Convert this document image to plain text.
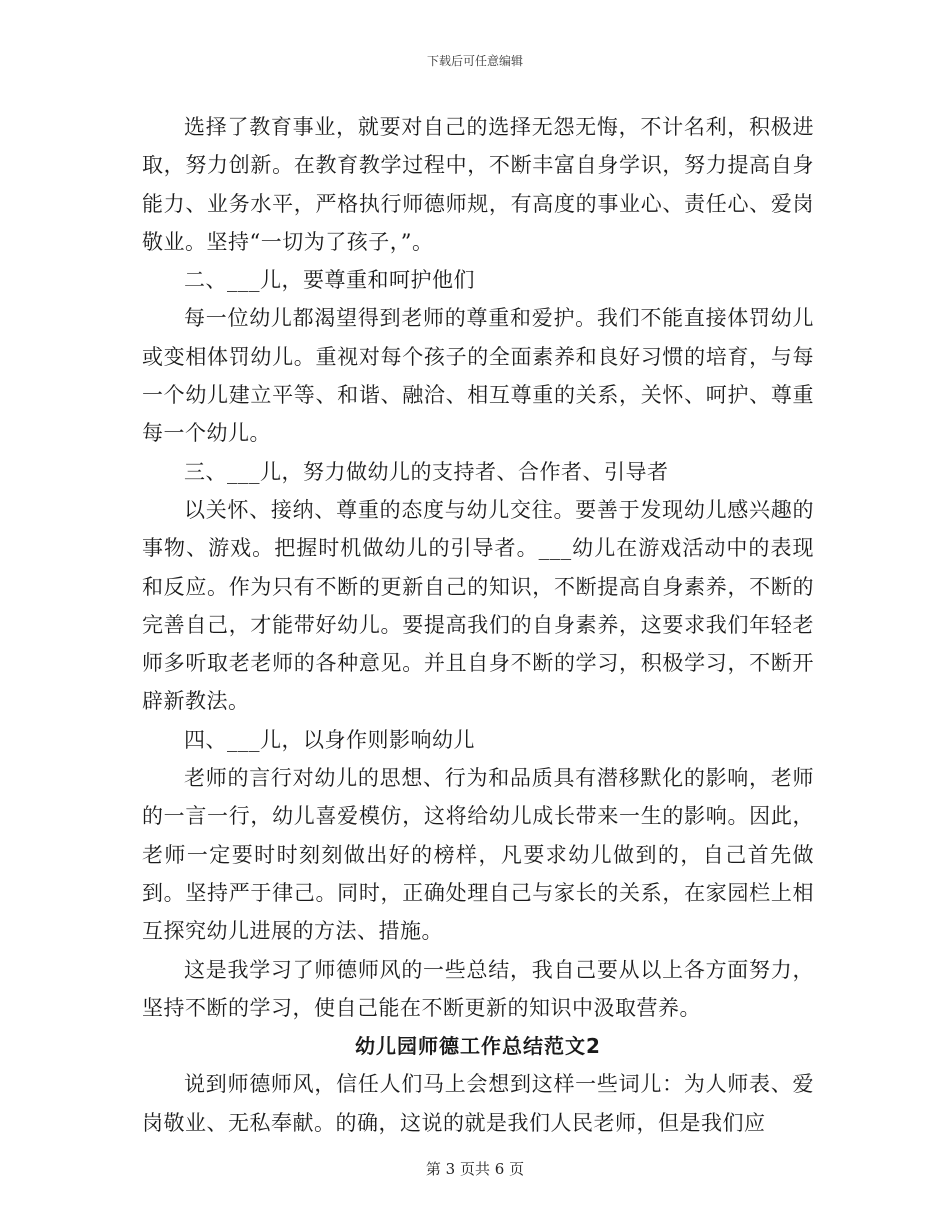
下载后可任意编辑

选择了教育事业，就要对自己的选择无怨无悔，不计名利，积极进取，努力创新。在教育教学过程中，不断丰富自身学识，努力提高自身能力、业务水平，严格执行师德师规，有高度的事业心、责任心、爱岗敬业。坚持“一切为了孩子，”。

二、___儿，要尊重和呵护他们

每一位幼儿都渴望得到老师的尊重和爱护。我们不能直接体罚幼儿或变相体罚幼儿。重视对每个孩子的全面素养和良好习惯的培育，与每一个幼儿建立平等、和谐、融洽、相互尊重的关系，关怀、呵护、尊重每一个幼儿。

三、___儿，努力做幼儿的支持者、合作者、引导者

以关怀、接纳、尊重的态度与幼儿交往。要善于发现幼儿感兴趣的事物、游戏。把握时机做幼儿的引导者。___幼儿在游戏活动中的表现和反应。作为只有不断的更新自己的知识，不断提高自身素养，不断的完善自己，才能带好幼儿。要提高我们的自身素养，这要求我们年轻老师多听取老老师的各种意见。并且自身不断的学习，积极学习，不断开辟新教法。

四、___儿，以身作则影响幼儿

老师的言行对幼儿的思想、行为和品质具有潜移默化的影响，老师的一言一行，幼儿喜爱模仿，这将给幼儿成长带来一生的影响。因此，老师一定要时时刻刻做出好的榜样，凡要求幼儿做到的，自己首先做到。坚持严于律己。同时，正确处理自己与家长的关系，在家园栏上相互探究幼儿进展的方法、措施。

这是我学习了师德师风的一些总结，我自己要从以上各方面努力，坚持不断的学习，使自己能在不断更新的知识中汲取营养。

幼儿园师德工作总结范文2

说到师德师风，信任人们马上会想到这样一些词儿：为人师表、爱岗敬业、无私奉献。的确，这说的就是我们人民老师，但是我们应

第 3 页共 6 页
